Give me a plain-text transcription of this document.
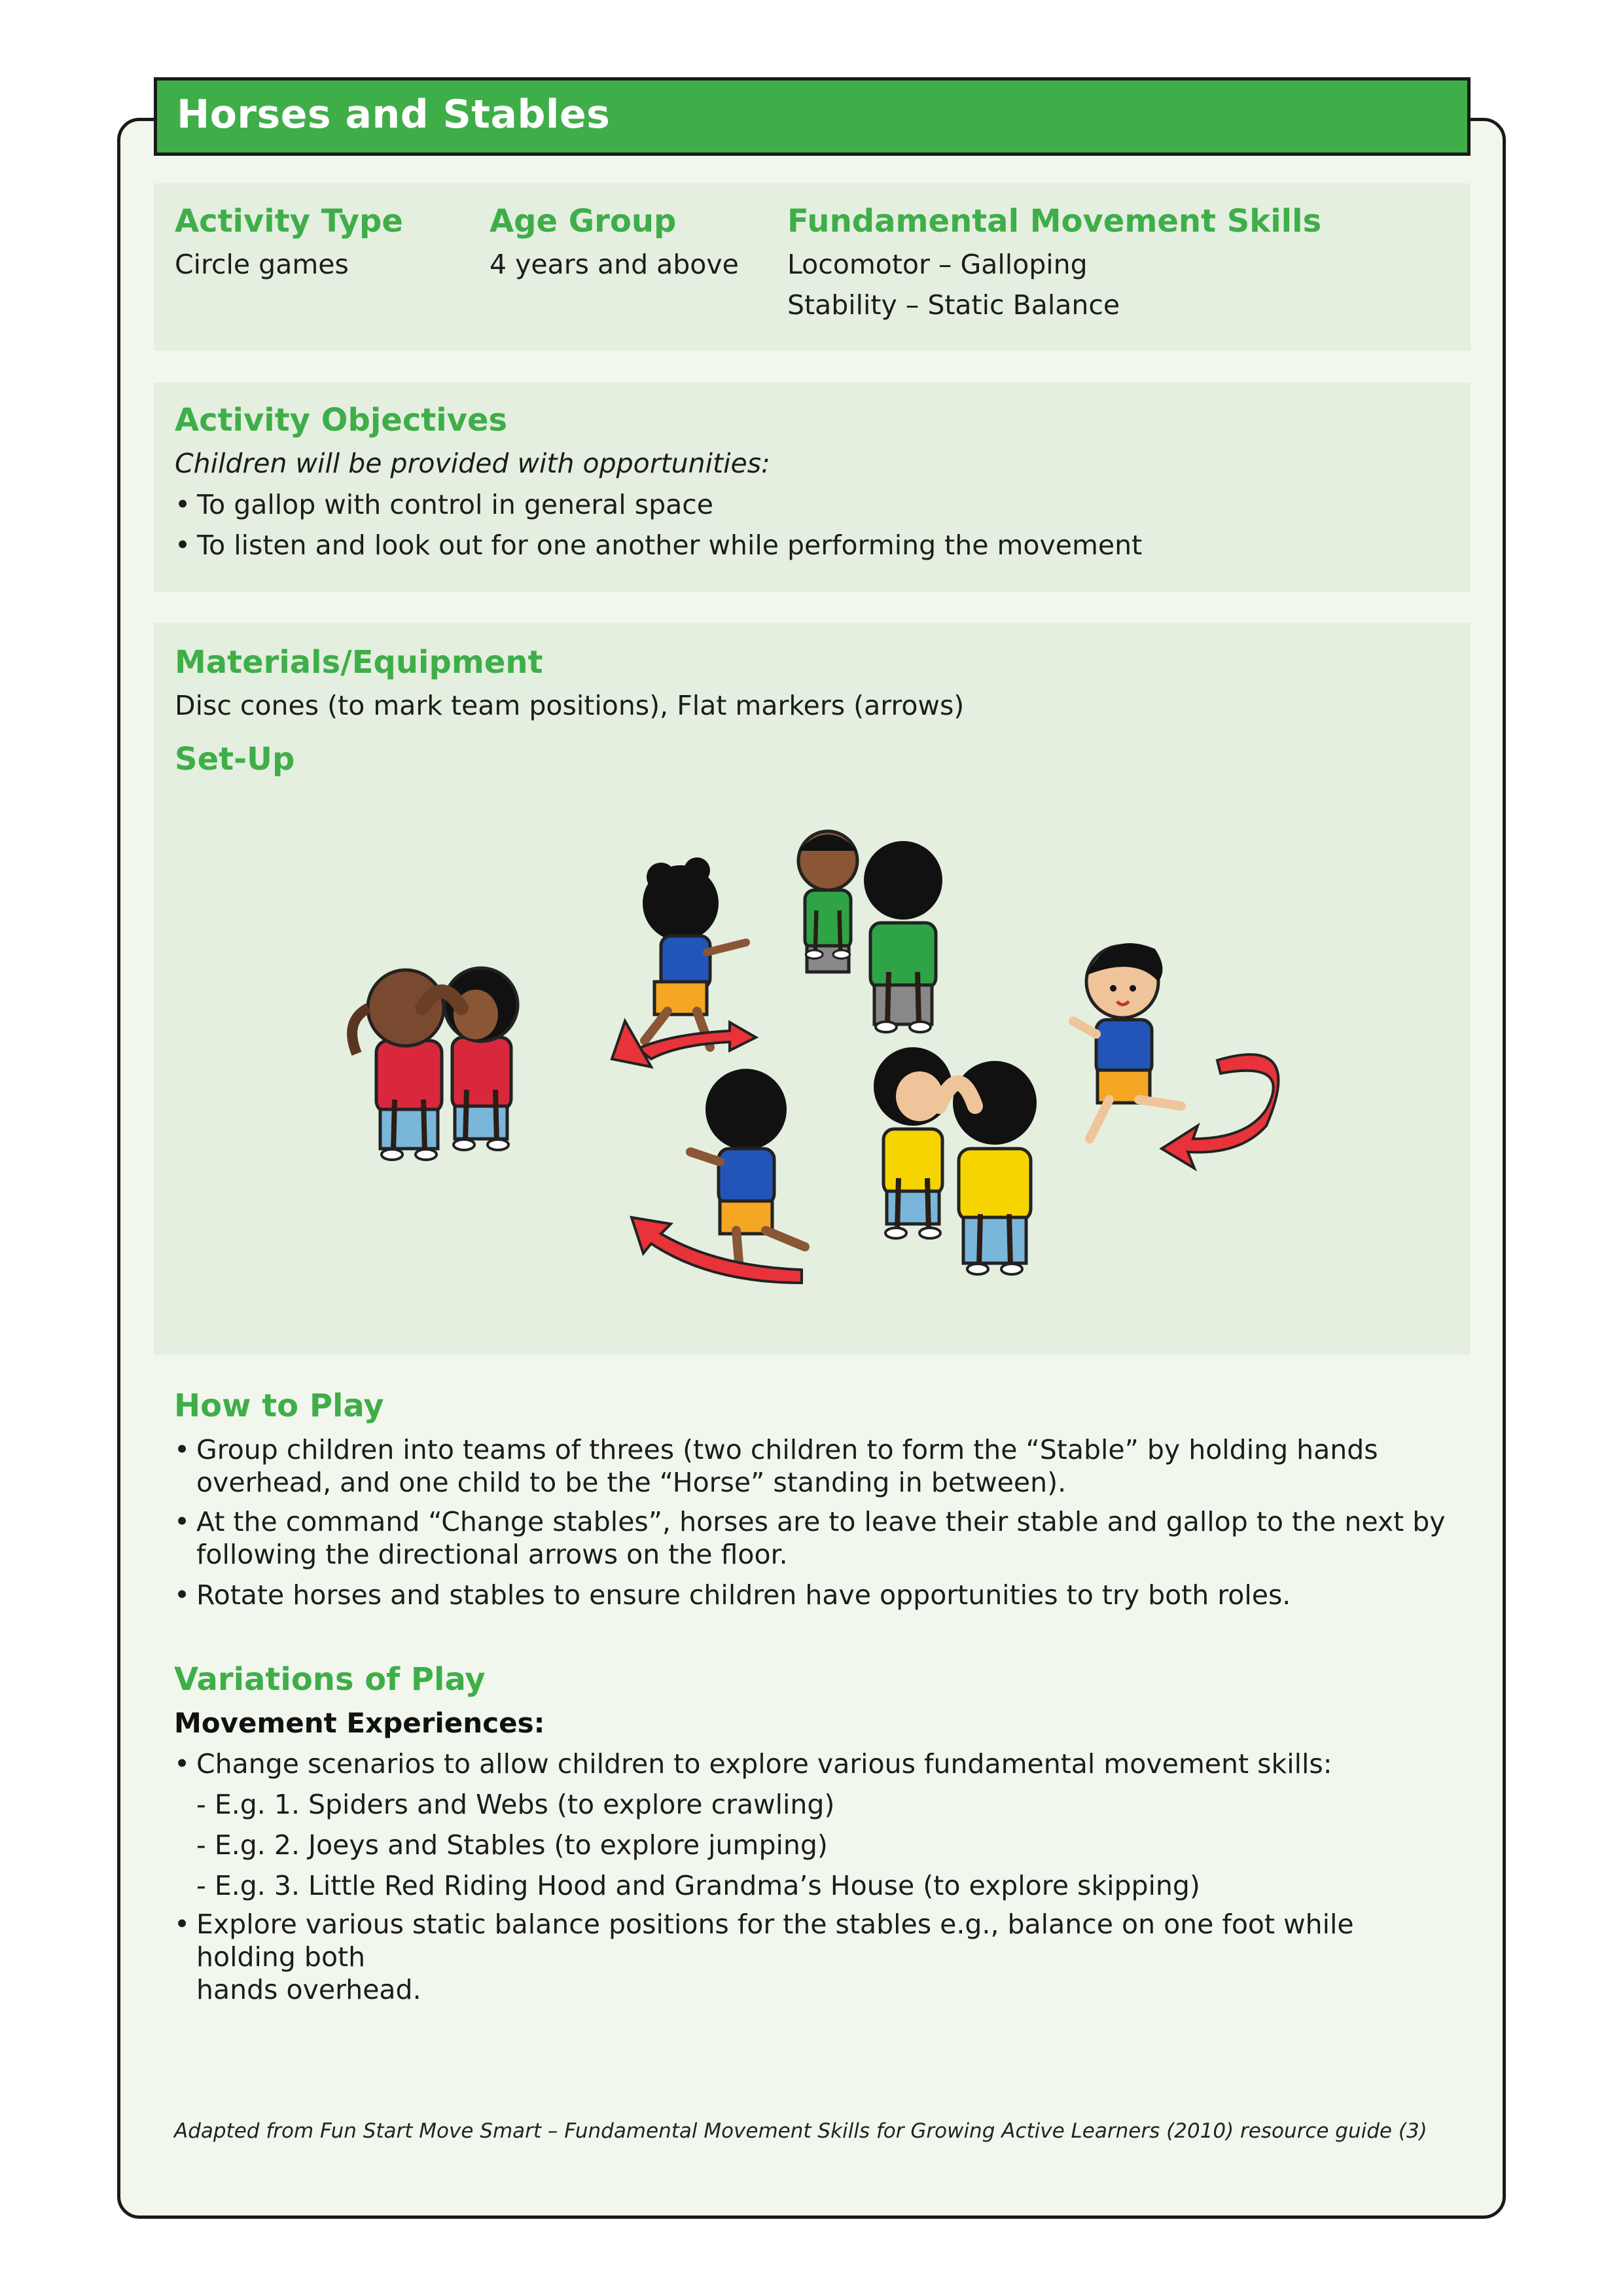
Horses and Stables
Activity Type
Circle games
Age Group
4 years and above
Fundamental Movement Skills
Locomotor – Galloping
Stability – Static Balance
Activity Objectives
Children will be provided with opportunities:
• To gallop with control in general space
• To listen and look out for one another while performing the movement
Materials/Equipment
Disc cones (to mark team positions), Flat markers (arrows)
Set-Up
How to Play
• Group children into teams of threes (two children to form the “Stable” by holding hands
overhead, and one child to be the “Horse” standing in between).
• At the command “Change stables”, horses are to leave their stable and gallop to the next by
following the directional arrows on the floor.
• Rotate horses and stables to ensure children have opportunities to try both roles.
Variations of Play
Movement Experiences:
• Change scenarios to allow children to explore various fundamental movement skills:
- E.g. 1. Spiders and Webs (to explore crawling)
- E.g. 2. Joeys and Stables (to explore jumping)
- E.g. 3. Little Red Riding Hood and Grandma’s House (to explore skipping)
• Explore various static balance positions for the stables e.g., balance on one foot while holding both
hands overhead.
Adapted from Fun Start Move Smart – Fundamental Movement Skills for Growing Active Learners (2010) resource guide (3)
